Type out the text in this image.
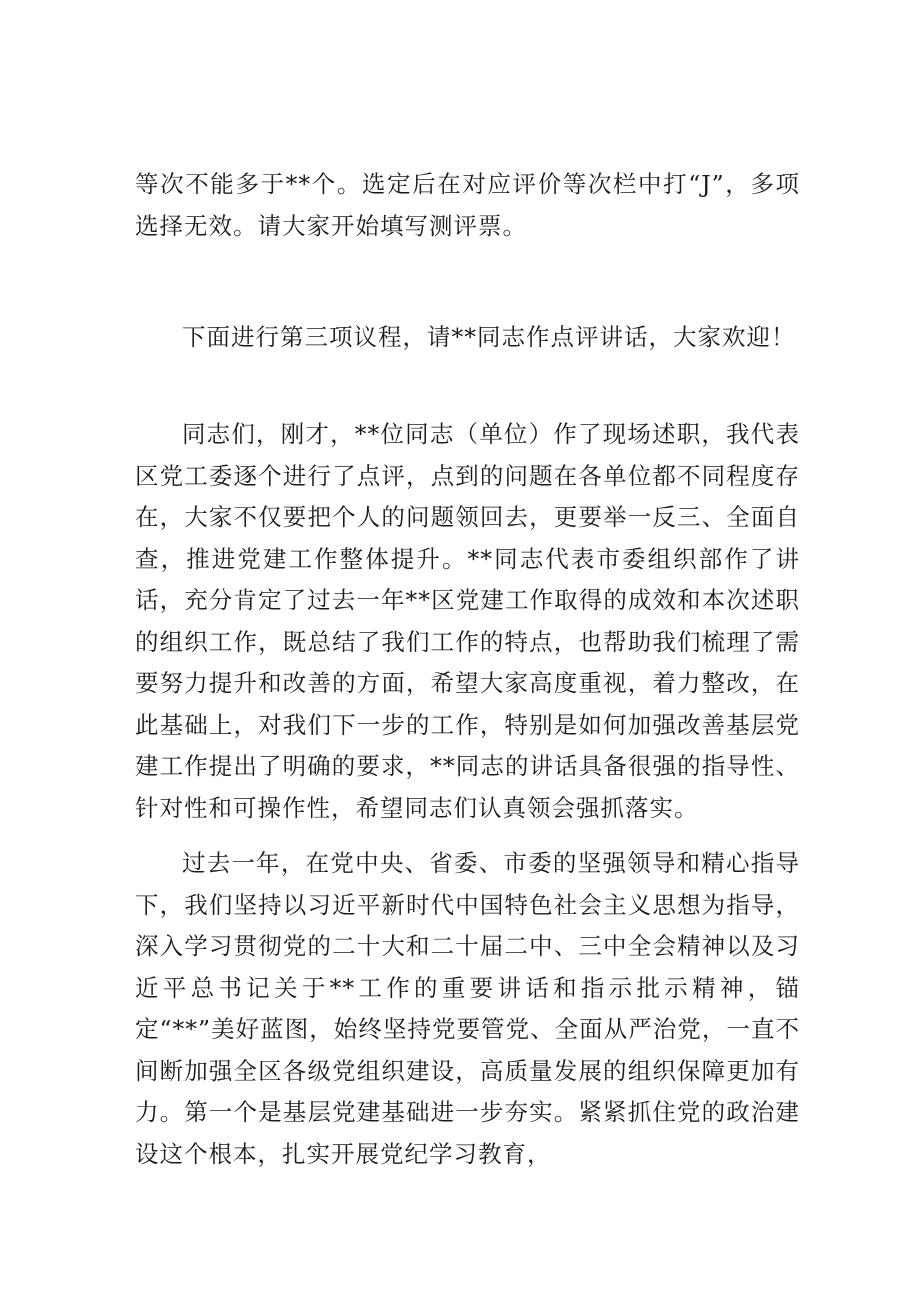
等次不能多于**个。选定后在对应评价等次栏中打“J”，多项选择无效。请大家开始填写测评票。

下面进行第三项议程，请**同志作点评讲话，大家欢迎！

同志们，刚才，**位同志（单位）作了现场述职，我代表区党工委逐个进行了点评，点到的问题在各单位都不同程度存在，大家不仅要把个人的问题领回去，更要举一反三、全面自查，推进党建工作整体提升。**同志代表市委组织部作了讲话，充分肯定了过去一年**区党建工作取得的成效和本次述职的组织工作，既总结了我们工作的特点，也帮助我们梳理了需要努力提升和改善的方面，希望大家高度重视，着力整改，在此基础上，对我们下一步的工作，特别是如何加强改善基层党建工作提出了明确的要求，**同志的讲话具备很强的指导性、针对性和可操作性，希望同志们认真领会强抓落实。

过去一年，在党中央、省委、市委的坚强领导和精心指导下，我们坚持以习近平新时代中国特色社会主义思想为指导，深入学习贯彻党的二十大和二十届二中、三中全会精神以及习近平总书记关于**工作的重要讲话和指示批示精神，锚定“**”美好蓝图，始终坚持党要管党、全面从严治党，一直不间断加强全区各级党组织建设，高质量发展的组织保障更加有力。第一个是基层党建基础进一步夯实。紧紧抓住党的政治建设这个根本，扎实开展党纪学习教育，
